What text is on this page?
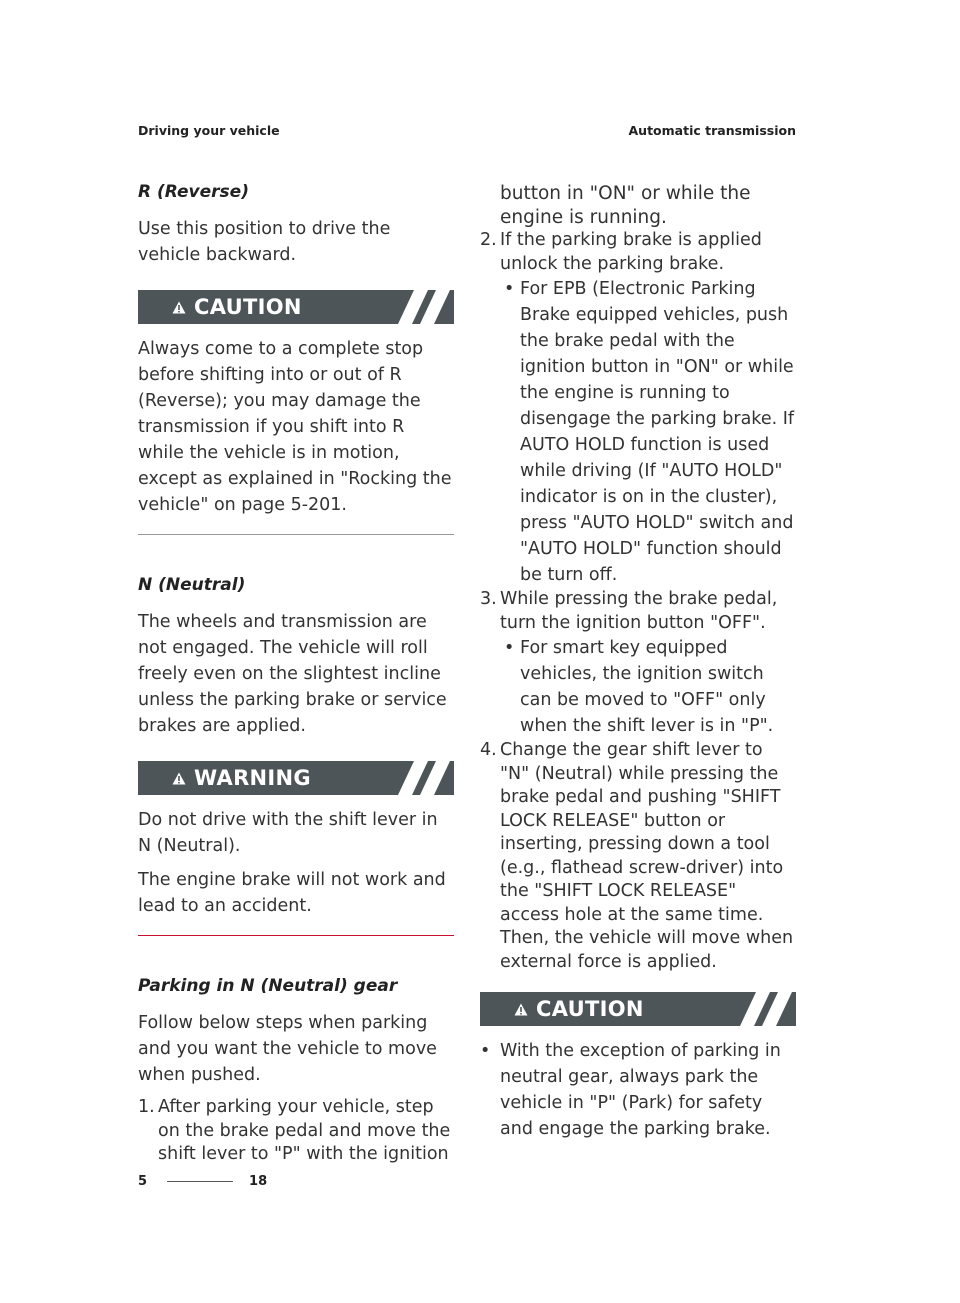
Driving your vehicle	Automatic transmission
R (Reverse)
Use this position to drive the vehicle backward.
CAUTION
Always come to a complete stop before shifting into or out of R (Reverse); you may damage the transmission if you shift into R while the vehicle is in motion, except as explained in "Rocking the vehicle" on page 5-201.
N (Neutral)
The wheels and transmission are not engaged. The vehicle will roll freely even on the slightest incline unless the parking brake or service brakes are applied.
WARNING
Do not drive with the shift lever in N (Neutral).
The engine brake will not work and lead to an accident.
Parking in N (Neutral) gear
Follow below steps when parking and you want the vehicle to move when pushed.
1. After parking your vehicle, step on the brake pedal and move the shift lever to "P" with the ignition
button in "ON" or while the engine is running.
2. If the parking brake is applied unlock the parking brake.
• For EPB (Electronic Parking Brake equipped vehicles, push the brake pedal with the ignition button in "ON" or while the engine is running to disengage the parking brake. If AUTO HOLD function is used while driving (If "AUTO HOLD" indicator is on in the cluster), press "AUTO HOLD" switch and "AUTO HOLD" function should be turn off.
3. While pressing the brake pedal, turn the ignition button "OFF".
• For smart key equipped vehicles, the ignition switch can be moved to "OFF" only when the shift lever is in "P".
4. Change the gear shift lever to "N" (Neutral) while pressing the brake pedal and pushing "SHIFT LOCK RELEASE" button or inserting, pressing down a tool (e.g., flathead screw-driver) into the "SHIFT LOCK RELEASE" access hole at the same time. Then, the vehicle will move when external force is applied.
CAUTION
• With the exception of parking in neutral gear, always park the vehicle in "P" (Park) for safety and engage the parking brake.
5	18
